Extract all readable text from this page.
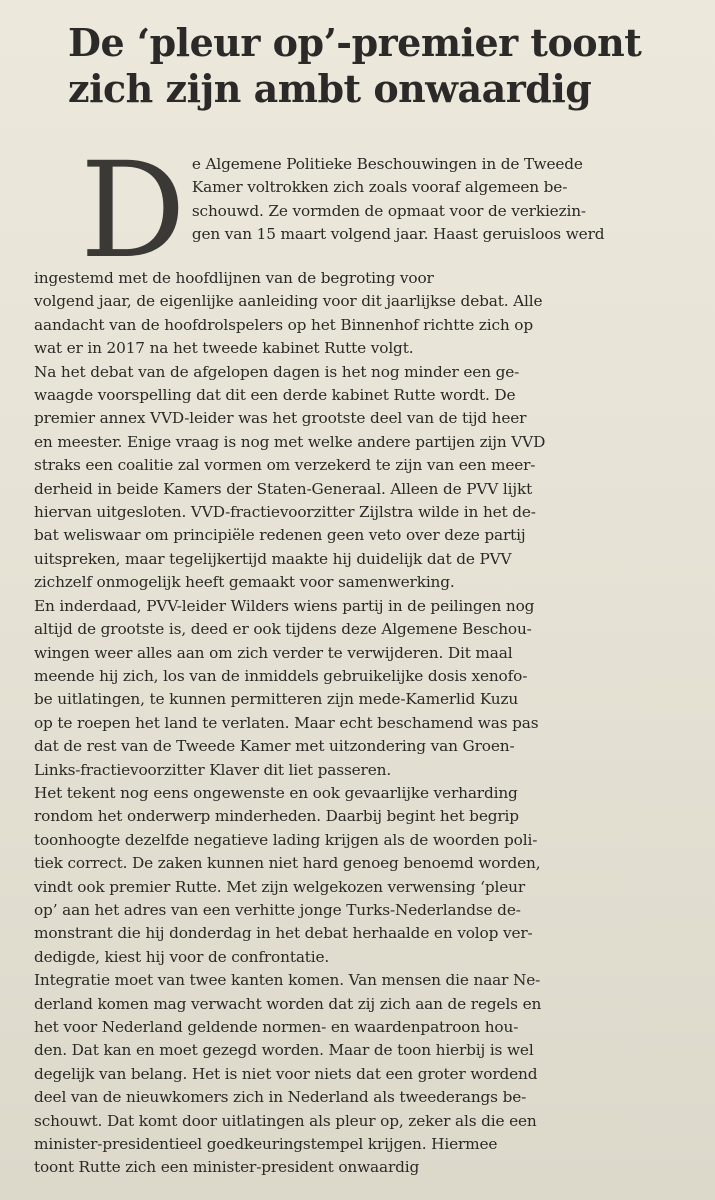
De ‘pleur op’-premier toont
zich zijn ambt onwaardig
D e Algemene Politieke Beschouwingen in de Tweede
Kamer voltrokken zich zoals vooraf algemeen be-
schouwd. Ze vormden de opmaat voor de verkiezin-
gen van 15 maart volgend jaar. Haast geruisloos werd
ingestemd met de hoofdlijnen van de begroting voor
volgend jaar, de eigenlijke aanleiding voor dit jaarlijkse debat. Alle
aandacht van de hoofdrolspelers op het Binnenhof richtte zich op
wat er in 2017 na het tweede kabinet Rutte volgt.
Na het debat van de afgelopen dagen is het nog minder een ge-
waagde voorspelling dat dit een derde kabinet Rutte wordt. De
premier annex VVD-leider was het grootste deel van de tijd heer
en meester. Enige vraag is nog met welke andere partijen zijn VVD
straks een coalitie zal vormen om verzekerd te zijn van een meer-
derheid in beide Kamers der Staten-Generaal. Alleen de PVV lijkt
hiervan uitgesloten. VVD-fractievoorzitter Zijlstra wilde in het de-
bat weliswaar om principiële redenen geen veto over deze partij
uitspreken, maar tegelijkertijd maakte hij duidelijk dat de PVV
zichzelf onmogelijk heeft gemaakt voor samenwerking.
En inderdaad, PVV-leider Wilders wiens partij in de peilingen nog
altijd de grootste is, deed er ook tijdens deze Algemene Beschou-
wingen weer alles aan om zich verder te verwijderen. Dit maal
meende hij zich, los van de inmiddels gebruikelijke dosis xenofo-
be uitlatingen, te kunnen permitteren zijn mede-Kamerlid Kuzu
op te roepen het land te verlaten. Maar echt beschamend was pas
dat de rest van de Tweede Kamer met uitzondering van Groen-
Links-fractievoorzitter Klaver dit liet passeren.
Het tekent nog eens ongewenste en ook gevaarlijke verharding
rondom het onderwerp minderheden. Daarbij begint het begrip
toonhoogte dezelfde negatieve lading krijgen als de woorden poli-
tiek correct. De zaken kunnen niet hard genoeg benoemd worden,
vindt ook premier Rutte. Met zijn welgekozen verwensing ‘pleur
op’ aan het adres van een verhitte jonge Turks-Nederlandse de-
monstrant die hij donderdag in het debat herhaalde en volop ver-
dedigde, kiest hij voor de confrontatie.
Integratie moet van twee kanten komen. Van mensen die naar Ne-
derland komen mag verwacht worden dat zij zich aan de regels en
het voor Nederland geldende normen- en waardenpatroon hou-
den. Dat kan en moet gezegd worden. Maar de toon hierbij is wel
degelijk van belang. Het is niet voor niets dat een groter wordend
deel van de nieuwkomers zich in Nederland als tweederangs be-
schouwt. Dat komt door uitlatingen als pleur op, zeker als die een
minister-presidentieel goedkeuringstempel krijgen. Hiermee
toont Rutte zich een minister-president onwaardig
